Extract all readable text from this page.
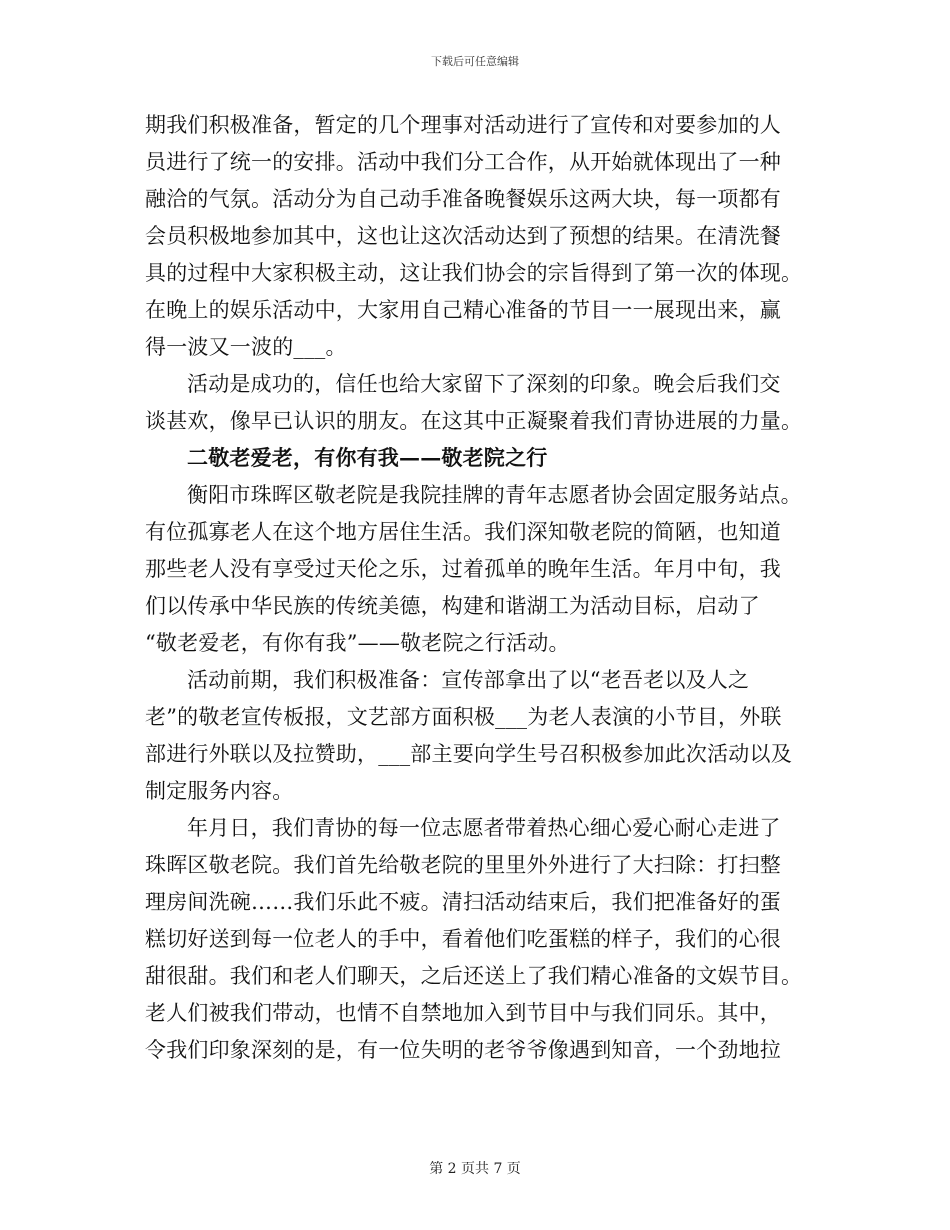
下载后可任意编辑
期我们积极准备，暂定的几个理事对活动进行了宣传和对要参加的人
员进行了统一的安排。活动中我们分工合作，从开始就体现出了一种
融洽的气氛。活动分为自己动手准备晚餐娱乐这两大块，每一项都有
会员积极地参加其中，这也让这次活动达到了预想的结果。在清洗餐
具的过程中大家积极主动，这让我们协会的宗旨得到了第一次的体现。
在晚上的娱乐活动中，大家用自己精心准备的节目一一展现出来，赢
得一波又一波的___。
活动是成功的，信任也给大家留下了深刻的印象。晚会后我们交
谈甚欢，像早已认识的朋友。在这其中正凝聚着我们青协进展的力量。
二敬老爱老，有你有我——敬老院之行
衡阳市珠晖区敬老院是我院挂牌的青年志愿者协会固定服务站点。
有位孤寡老人在这个地方居住生活。我们深知敬老院的简陋，也知道
那些老人没有享受过天伦之乐，过着孤单的晚年生活。年月中旬，我
们以传承中华民族的传统美德，构建和谐湖工为活动目标，启动了
“敬老爱老，有你有我”——敬老院之行活动。
活动前期，我们积极准备：宣传部拿出了以“老吾老以及人之
老”的敬老宣传板报，文艺部方面积极___为老人表演的小节目，外联
部进行外联以及拉赞助，___部主要向学生号召积极参加此次活动以及
制定服务内容。
年月日，我们青协的每一位志愿者带着热心细心爱心耐心走进了
珠晖区敬老院。我们首先给敬老院的里里外外进行了大扫除：打扫整
理房间洗碗……我们乐此不疲。清扫活动结束后，我们把准备好的蛋
糕切好送到每一位老人的手中，看着他们吃蛋糕的样子，我们的心很
甜很甜。我们和老人们聊天，之后还送上了我们精心准备的文娱节目。
老人们被我们带动，也情不自禁地加入到节目中与我们同乐。其中，
令我们印象深刻的是，有一位失明的老爷爷像遇到知音，一个劲地拉
第 2 页共 7 页
